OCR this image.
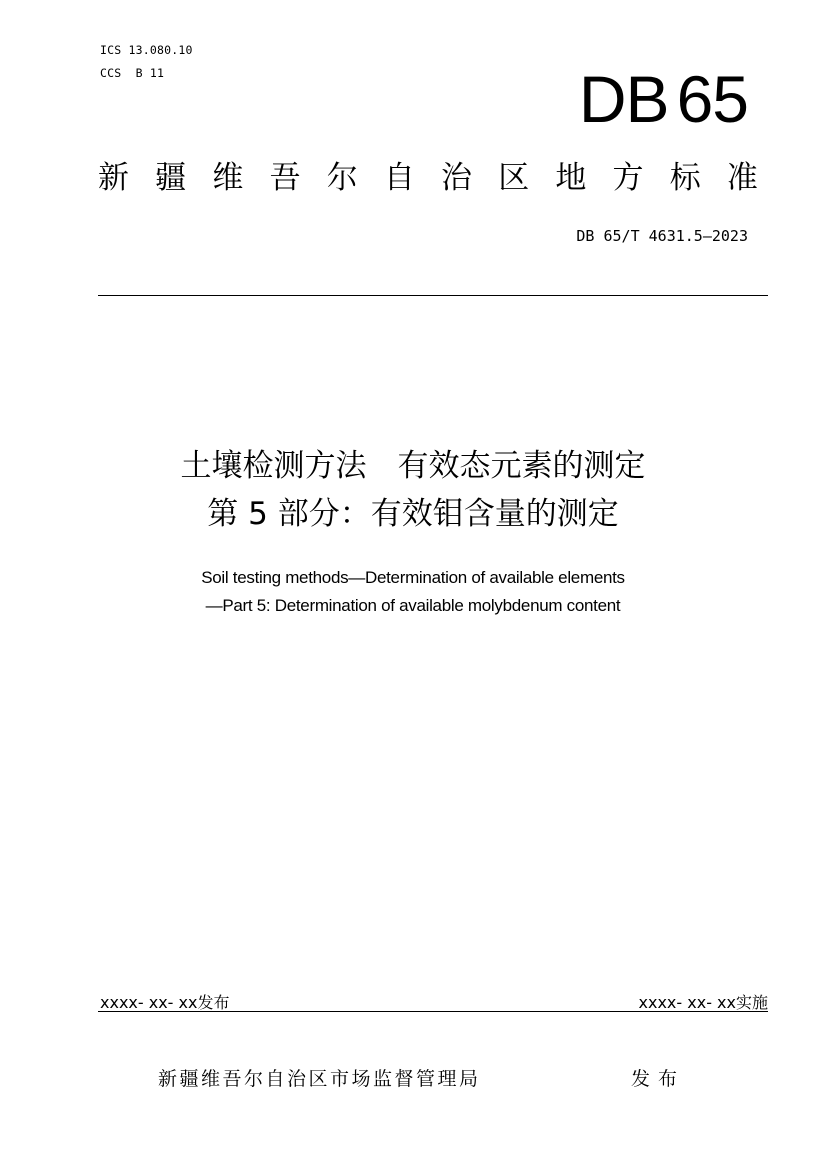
ICS 13.080.10
CCS  B 11	DB 65
新 疆 维 吾 尔 自 治 区 地 方 标 准
DB 65/T 4631.5—2023
土壤检测方法　有效态元素的测定
第 5 部分：有效钼含量的测定
Soil testing methods—Determination of available elements
—Part 5: Determination of available molybdenum content
xxxx- xx- xx发布	xxxx- xx- xx实施
新疆维吾尔自治区市场监督管理局	发布
